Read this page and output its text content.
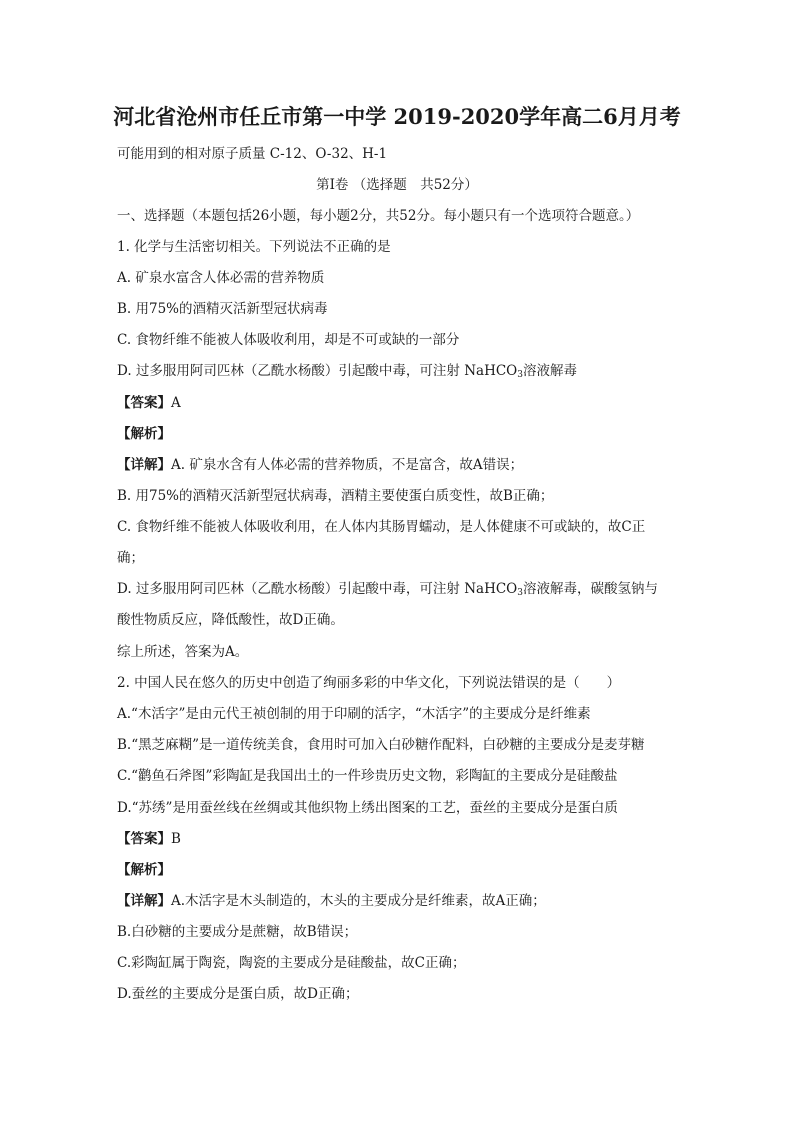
河北省沧州市任丘市第一中学 2019-2020学年高二6月月考
可能用到的相对原子质量 C-12、O-32、H-1
第Ⅰ卷 （选择题　共52分）
一、选择题（本题包括26小题，每小题2分，共52分。每小题只有一个选项符合题意。）
1. 化学与生活密切相关。下列说法不正确的是
A. 矿泉水富含人体必需的营养物质
B. 用75%的酒精灭活新型冠状病毒
C. 食物纤维不能被人体吸收利用，却是不可或缺的一部分
D. 过多服用阿司匹林（乙酰水杨酸）引起酸中毒，可注射 NaHCO$_3$溶液解毒
【答案】A
【解析】
【详解】A. 矿泉水含有人体必需的营养物质，不是富含，故A错误；
B. 用75%的酒精灭活新型冠状病毒，酒精主要使蛋白质变性，故B正确；
C. 食物纤维不能被人体吸收利用，在人体内其肠胃蠕动，是人体健康不可或缺的，故C正
确；
D. 过多服用阿司匹林（乙酰水杨酸）引起酸中毒，可注射 NaHCO$_3$溶液解毒，碳酸氢钠与
酸性物质反应，降低酸性，故D正确。
综上所述，答案为A。
2. 中国人民在悠久的历史中创造了绚丽多彩的中华文化，下列说法错误的是（　　）
A.“木活字”是由元代王祯创制的用于印刷的活字，“木活字”的主要成分是纤维素
B.“黑芝麻糊”是一道传统美食，食用时可加入白砂糖作配料，白砂糖的主要成分是麦芽糖
C.“鹳鱼石斧图”彩陶缸是我国出土的一件珍贵历史文物，彩陶缸的主要成分是硅酸盐
D.“苏绣”是用蚕丝线在丝绸或其他织物上绣出图案的工艺，蚕丝的主要成分是蛋白质
【答案】B
【解析】
【详解】A.木活字是木头制造的，木头的主要成分是纤维素，故A正确；
B.白砂糖的主要成分是蔗糖，故B错误；
C.彩陶缸属于陶瓷，陶瓷的主要成分是硅酸盐，故C正确；
D.蚕丝的主要成分是蛋白质，故D正确；
